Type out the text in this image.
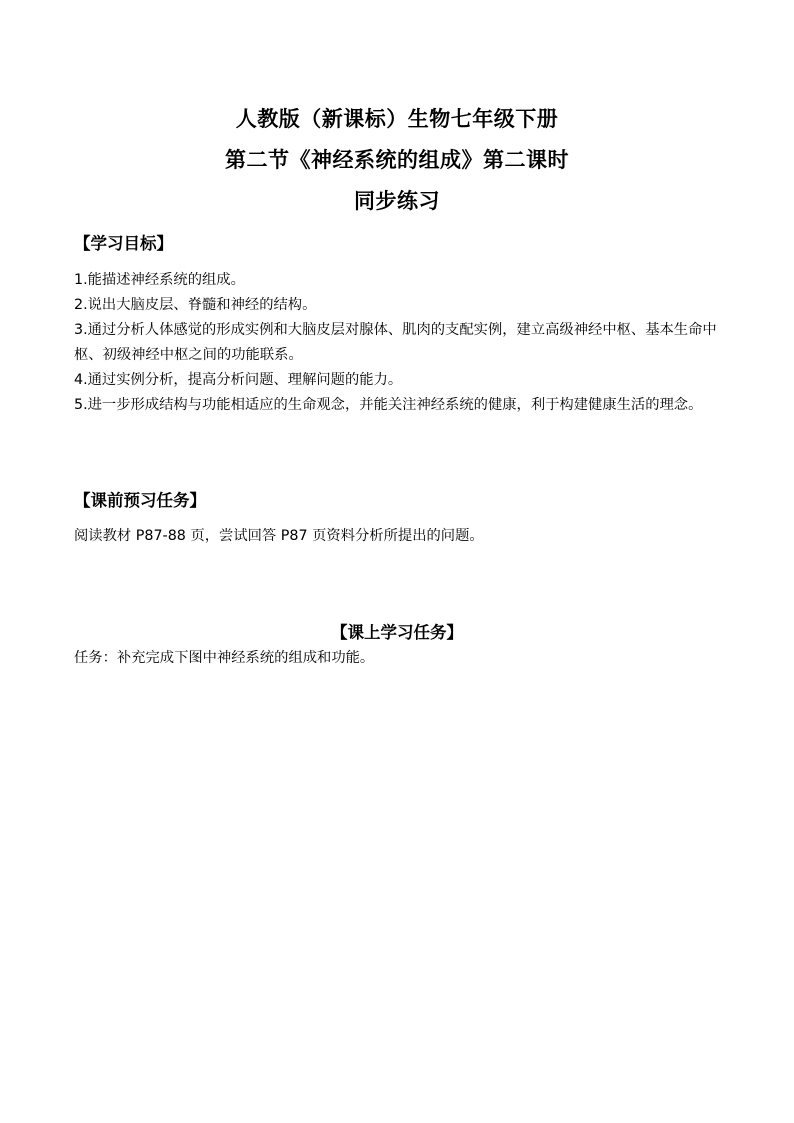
人教版（新课标）生物七年级下册
第二节《神经系统的组成》第二课时
同步练习
【学习目标】
1.能描述神经系统的组成。
2.说出大脑皮层、脊髓和神经的结构。
3.通过分析人体感觉的形成实例和大脑皮层对腺体、肌肉的支配实例，建立高级神经中枢、基本生命中枢、初级神经中枢之间的功能联系。
4.通过实例分析，提高分析问题、理解问题的能力。
5.进一步形成结构与功能相适应的生命观念，并能关注神经系统的健康，利于构建健康生活的理念。
【课前预习任务】

阅读教材 P87-88 页，尝试回答 P87 页资料分析所提出的问题。

【课上学习任务】

任务：补充完成下图中神经系统的组成和功能。
